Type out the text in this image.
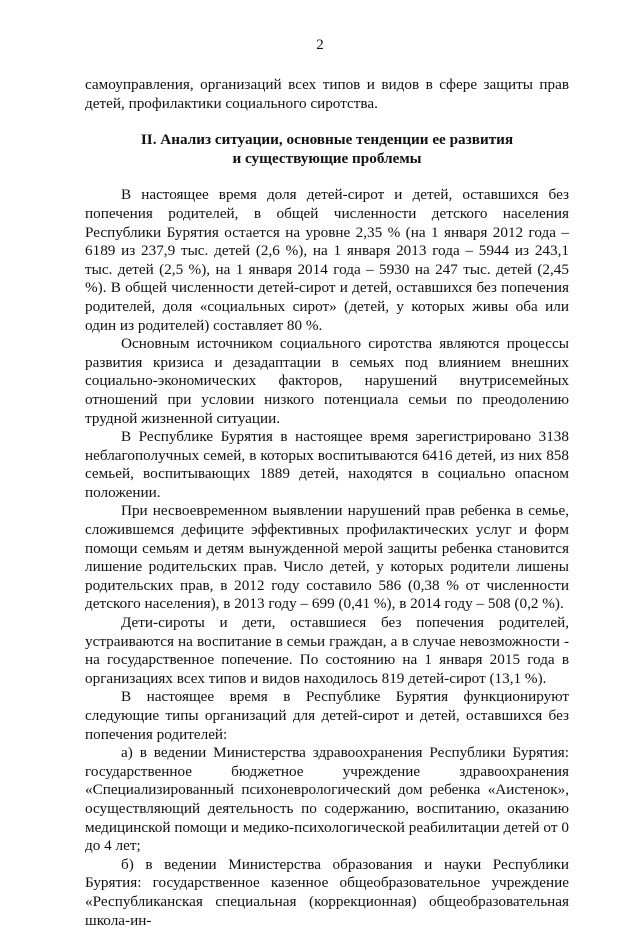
2

самоуправления, организаций всех типов и видов в сфере защиты прав детей, профилактики социального сиротства.

II. Анализ ситуации, основные тенденции ее развития
и существующие проблемы

В настоящее время доля детей-сирот и детей, оставшихся без попечения родителей, в общей численности детского населения Республики Бурятия остается на уровне 2,35 % (на 1 января 2012 года – 6189 из 237,9 тыс. детей (2,6 %), на 1 января 2013 года – 5944 из 243,1 тыс. детей (2,5 %), на 1 января 2014 года – 5930 на 247 тыс. детей (2,45 %). В общей численности детей-сирот и детей, оставшихся без попечения родителей, доля «социальных сирот» (детей, у которых живы оба или один из родителей) составляет 80 %.

Основным источником социального сиротства являются процессы развития кризиса и дезадаптации в семьях под влиянием внешних социально-экономических факторов, нарушений внутрисемейных отношений при условии низкого потенциала семьи по преодолению трудной жизненной ситуации.

В Республике Бурятия в настоящее время зарегистрировано 3138 неблагополучных семей, в которых воспитываются 6416 детей, из них 858 семьей, воспитывающих 1889 детей, находятся в социально опасном положении.

При несвоевременном выявлении нарушений прав ребенка в семье, сложившемся дефиците эффективных профилактических услуг и форм помощи семьям и детям вынужденной мерой защиты ребенка становится лишение родительских прав. Число детей, у которых родители лишены родительских прав, в 2012 году составило 586 (0,38 % от численности детского населения), в 2013 году – 699 (0,41 %), в 2014 году – 508 (0,2 %).

Дети-сироты и дети, оставшиеся без попечения родителей, устраиваются на воспитание в семьи граждан, а в случае невозможности - на государственное попечение. По состоянию на 1 января 2015 года в организациях всех типов и видов находилось 819 детей-сирот (13,1 %).

В настоящее время в Республике Бурятия функционируют следующие типы организаций для детей-сирот и детей, оставшихся без попечения родителей:

а) в ведении Министерства здравоохранения Республики Бурятия: государственное бюджетное учреждение здравоохранения «Специализированный психоневрологический дом ребенка «Аистенок», осуществляющий деятельность по содержанию, воспитанию, оказанию медицинской помощи и медико-психологической реабилитации детей от 0 до 4 лет;

б) в ведении Министерства образования и науки Республики Бурятия: государственное казенное общеобразовательное учреждение «Республиканская специальная (коррекционная) общеобразовательная школа-ин-
